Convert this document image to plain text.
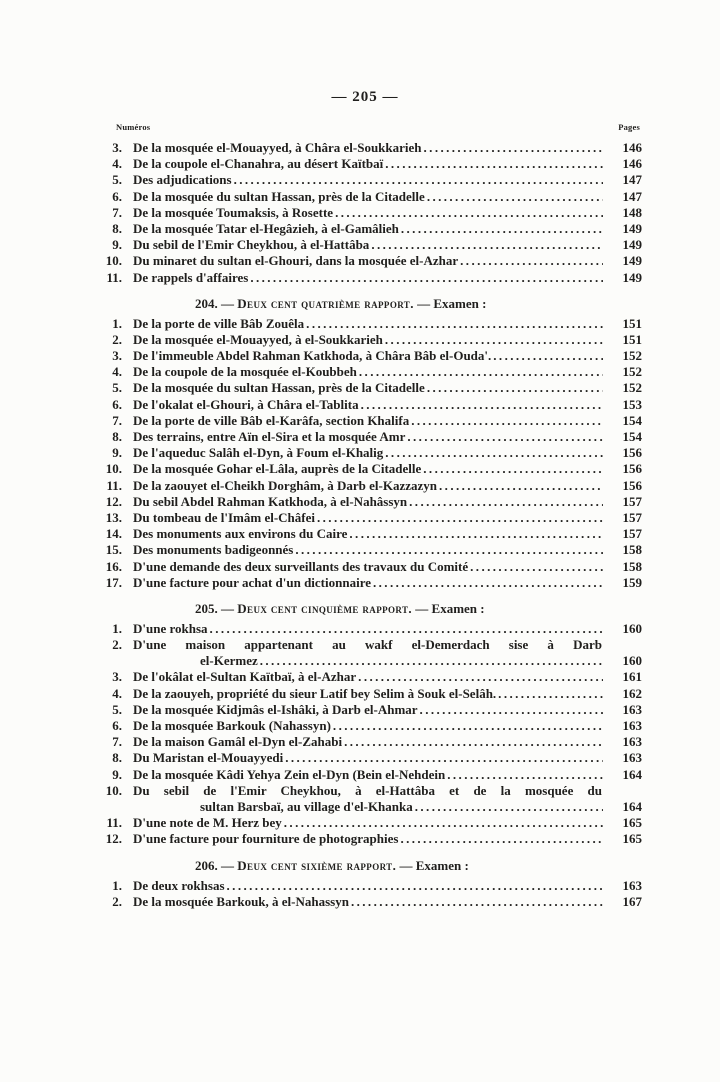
— 205 —
Numéros	Pages
3. De la mosquée el-Mouayyed, à Châra el-Soukkarieh .....	146
4. De la coupole el-Chanahra, au désert Kaïtbaï .....	146
5. Des adjudications .....	147
6. De la mosquée du sultan Hassan, près de la Citadelle .....	147
7. De la mosquée Toumaksis, à Rosette .....	148
8. De la mosquée Tatar el-Hegâzieh, à el-Gamâlieh .....	149
9. Du sebil de l'Emir Cheykhou, à el-Hattâba .....	149
10. Du minaret du sultan el-Ghouri, dans la mosquée el-Azhar .....	149
11. De rappels d'affaires .....	149
204. — Deux cent quatrième rapport. — Examen :
1. De la porte de ville Bâb Zouêla .....	151
2. De la mosquée el-Mouayyed, à el-Soukkarieh .....	151
3. De l'immeuble Abdel Rahman Katkhoda, à Châra Bâb el-Ouda'. .....	152
4. De la coupole de la mosquée el-Koubbeh .....	152
5. De la mosquée du sultan Hassan, près de la Citadelle .....	152
6. De l'okalat el-Ghouri, à Châra el-Tablita .....	153
7. De la porte de ville Bâb el-Karâfa, section Khalifa .....	154
8. Des terrains, entre Aïn el-Sira et la mosquée Amr .....	154
9. De l'aqueduc Salâh el-Dyn, à Foum el-Khalig .....	156
10. De la mosquée Gohar el-Lâla, auprès de la Citadelle .....	156
11. De la zaouyet el-Cheikh Dorghâm, à Darb el-Kazzazyn .....	156
12. Du sebil Abdel Rahman Katkhoda, à el-Nahâssyn .....	157
13. Du tombeau de l'Imâm el-Châfei .....	157
14. Des monuments aux environs du Caire .....	157
15. Des monuments badigeonnés .....	158
16. D'une demande des deux surveillants des travaux du Comité .....	158
17. D'une facture pour achat d'un dictionnaire .....	159
205. — Deux cent cinquième rapport. — Examen :
1. D'une rokhsa .....	160
2. D'une maison appartenant au wakf el-Demerdach sise à Darb
el-Kermez .....	160
3. De l'okâlat el-Sultan Kaïtbaï, à el-Azhar .....	161
4. De la zaouyeh, propriété du sieur Latif bey Selim à Souk el-Selâh. .....	162
5. De la mosquée Kidjmâs el-Ishâki, à Darb el-Ahmar .....	163
6. De la mosquée Barkouk (Nahassyn) .....	163
7. De la maison Gamâl el-Dyn el-Zahabi .....	163
8. Du Maristan el-Mouayyedi .....	163
9. De la mosquée Kâdi Yehya Zein el-Dyn (Bein el-Nehdein .....	164
10. Du sebil de l'Emir Cheykhou, à el-Hattâba et de la mosquée du
sultan Barsbaï, au village d'el-Khanka .....	164
11. D'une note de M. Herz bey .....	165
12. D'une facture pour fourniture de photographies .....	165
206. — Deux cent sixième rapport. — Examen :
1. De deux rokhsas .....	163
2. De la mosquée Barkouk, à el-Nahassyn .....	167
